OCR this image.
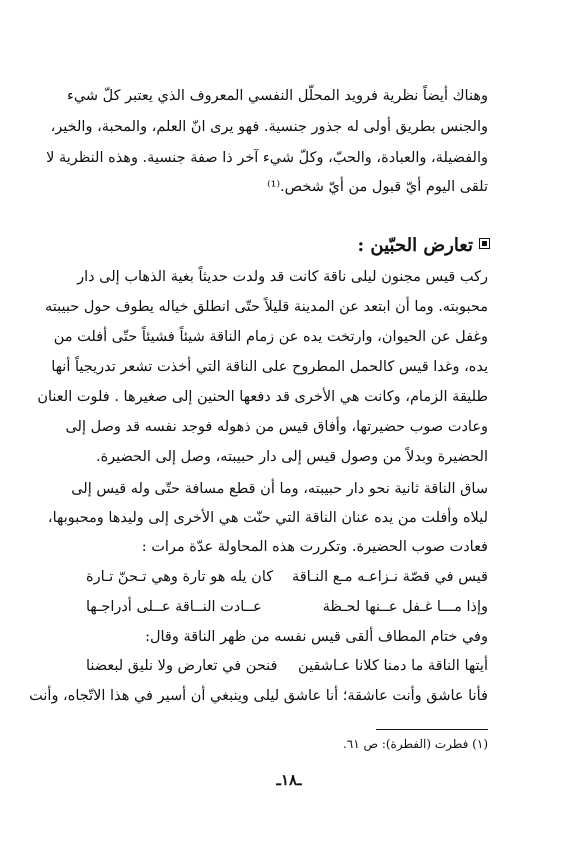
وهناك أيضاً نظرية فرويد المحلّل النفسي المعروف الذي يعتبر كلّ شيء
والجنس بطريق أولى له جذور جنسية. فهو يرى انّ العلم، والمحبة، والخير،
والفضيلة، والعبادة، والحبّ، وكلّ شيء آخر ذا صفة جنسية. وهذه النظرية لا
تلقى اليوم أيّ قبول من أيّ شخص.⁽¹⁾
تعارض الحبّين :
ركب قيس مجنون ليلى ناقة كانت قد ولدت حديثاً بغية الذهاب إلى دار
محبوبته. وما أن ابتعد عن المدينة قليلاً حتّى انطلق خياله يطوف حول حبيبته
وغفل عن الحيوان، وارتخت يده عن زمام الناقة شيئاً فشيئاً حتّى أفلت من
يده، وغدا قيس كالحمل المطروح على الناقة التي أخذت تشعر تدريجياً أنها
طليقة الزمام، وكانت هي الأخرى قد دفعها الحنين إلى صغيرها . فلوت العنان
وعادت صوب حضيرتها، وأفاق قيس من ذهوله فوجد نفسه قد وصل إلى
الحضيرة وبدلاً من وصول قيس إلى دار حبيبته، وصل إلى الحضيرة.
ساق الناقة ثانية نحو دار حبيبته، وما أن قطع مسافة حتّى وله قيس إلى
ليلاه وأفلت من يده عنان الناقة التي حنّت هي الأخرى إلى وليدها ومحبوبها،
فعادت صوب الحضيرة. وتكررت هذه المحاولة عدّة مرات :
قيس في قصّة نـزاعـه مـع النـاقة
كان يله هو تارة وهي تـحنّ تـارة
وإذا مـــا غـفل عــنها لحـظة
عــادت النــاقة عــلى أدراجـها
وفي ختام المطاف ألقى قيس نفسه من ظهر الناقة وقال:
أيتها الناقة ما دمنا كلانا عـاشقين
فنحن في تعارض ولا نليق لبعضنا
فأنا عاشق وأنت عاشقة؛ أنا عاشق ليلى وينبغي أن أسير في هذا الاتّجاه، وأنت
(١) فطرت (الفطرة): ص ٦١.
ـ١٨ـ
